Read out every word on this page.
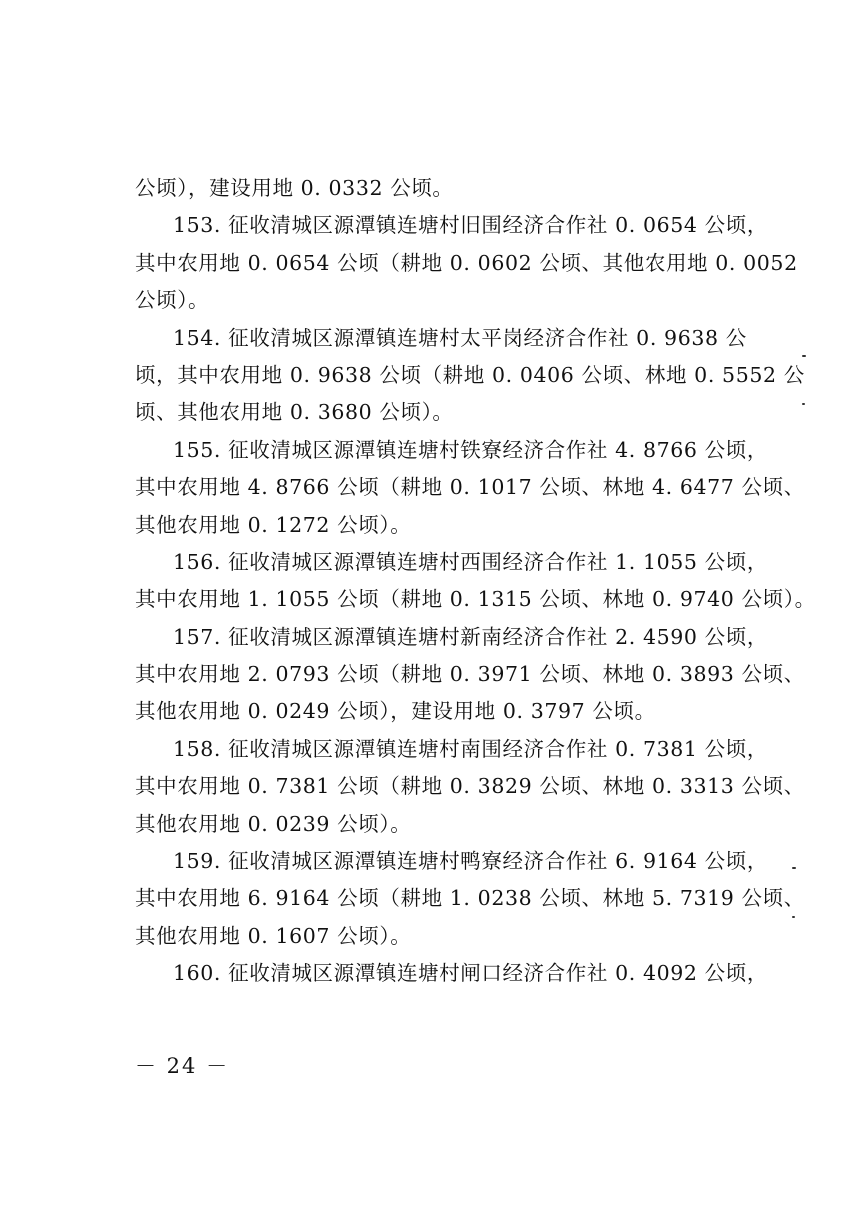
公顷），建设用地 0. 0332 公顷。
153. 征收清城区源潭镇连塘村旧围经济合作社 0. 0654 公顷，
其中农用地 0. 0654 公顷（耕地 0. 0602 公顷、其他农用地 0. 0052
公顷）。
154. 征收清城区源潭镇连塘村太平岗经济合作社 0. 9638 公
顷，其中农用地 0. 9638 公顷（耕地 0. 0406 公顷、林地 0. 5552 公
顷、其他农用地 0. 3680 公顷）。
155. 征收清城区源潭镇连塘村铁寮经济合作社 4. 8766 公顷，
其中农用地 4. 8766 公顷（耕地 0. 1017 公顷、林地 4. 6477 公顷、
其他农用地 0. 1272 公顷）。
156. 征收清城区源潭镇连塘村西围经济合作社 1. 1055 公顷，
其中农用地 1. 1055 公顷（耕地 0. 1315 公顷、林地 0. 9740 公顷）。
157. 征收清城区源潭镇连塘村新南经济合作社 2. 4590 公顷，
其中农用地 2. 0793 公顷（耕地 0. 3971 公顷、林地 0. 3893 公顷、
其他农用地 0. 0249 公顷），建设用地 0. 3797 公顷。
158. 征收清城区源潭镇连塘村南围经济合作社 0. 7381 公顷，
其中农用地 0. 7381 公顷（耕地 0. 3829 公顷、林地 0. 3313 公顷、
其他农用地 0. 0239 公顷）。
159. 征收清城区源潭镇连塘村鸭寮经济合作社 6. 9164 公顷，
其中农用地 6. 9164 公顷（耕地 1. 0238 公顷、林地 5. 7319 公顷、
其他农用地 0. 1607 公顷）。
160. 征收清城区源潭镇连塘村闸口经济合作社 0. 4092 公顷，
－ 24 －
